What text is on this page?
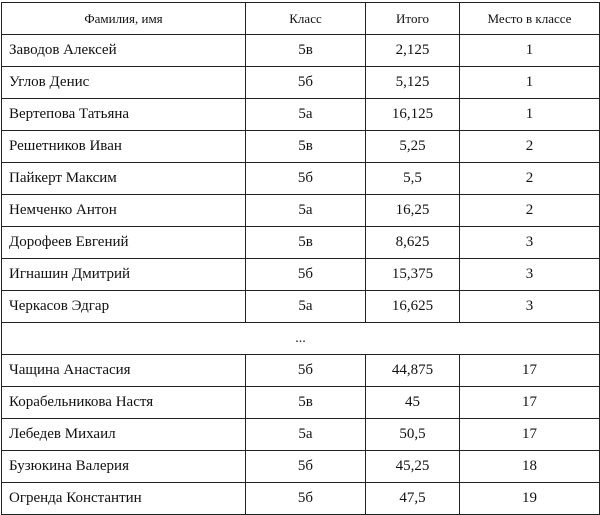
Фамилия, имя	Класс	Итого	Место в классе
Заводов Алексей	5в	2,125	1
Углов Денис	5б	5,125	1
Вертепова Татьяна	5а	16,125	1
Решетников Иван	5в	5,25	2
Пайкерт Максим	5б	5,5	2
Немченко Антон	5а	16,25	2
Дорофеев Евгений	5в	8,625	3
Игнашин Дмитрий	5б	15,375	3
Черкасов Эдгар	5а	16,625	3
...			
Чащина Анастасия	5б	44,875	17
Корабельникова Настя	5в	45	17
Лебедев Михаил	5а	50,5	17
Бузюкина Валерия	5б	45,25	18
Огренда Константин	5б	47,5	19
